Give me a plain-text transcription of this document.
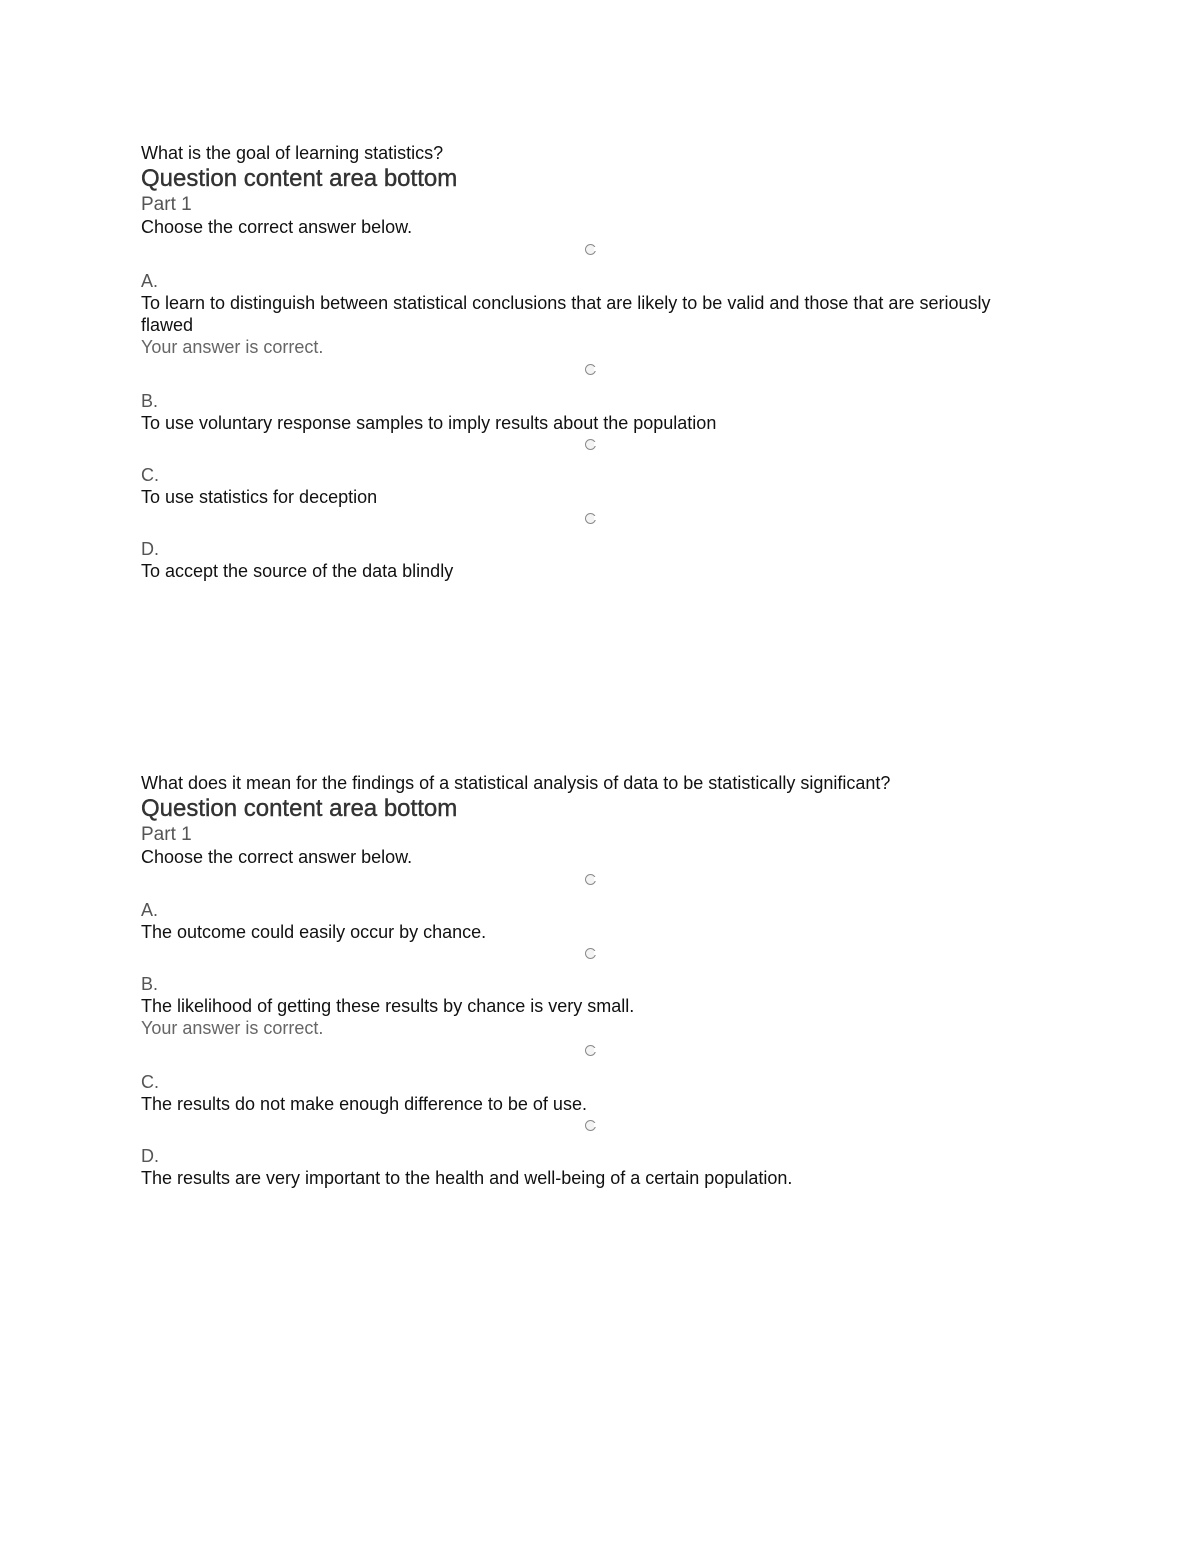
What is the goal of learning statistics?
Question content area bottom
Part 1
Choose the correct answer below.
A.
To learn to distinguish between statistical conclusions that are likely to be valid and those that are seriously flawed
Your answer is correct.
B.
To use voluntary response samples to imply results about the population
C.
To use statistics for deception
D.
To accept the source of the data blindly
What does it mean for the findings of a statistical analysis of data to be statistically significant?
Question content area bottom
Part 1
Choose the correct answer below.
A.
The outcome could easily occur by chance.
B.
The likelihood of getting these results by chance is very small.
Your answer is correct.
C.
The results do not make enough difference to be of use.
D.
The results are very important to the health and well-being of a certain population.
